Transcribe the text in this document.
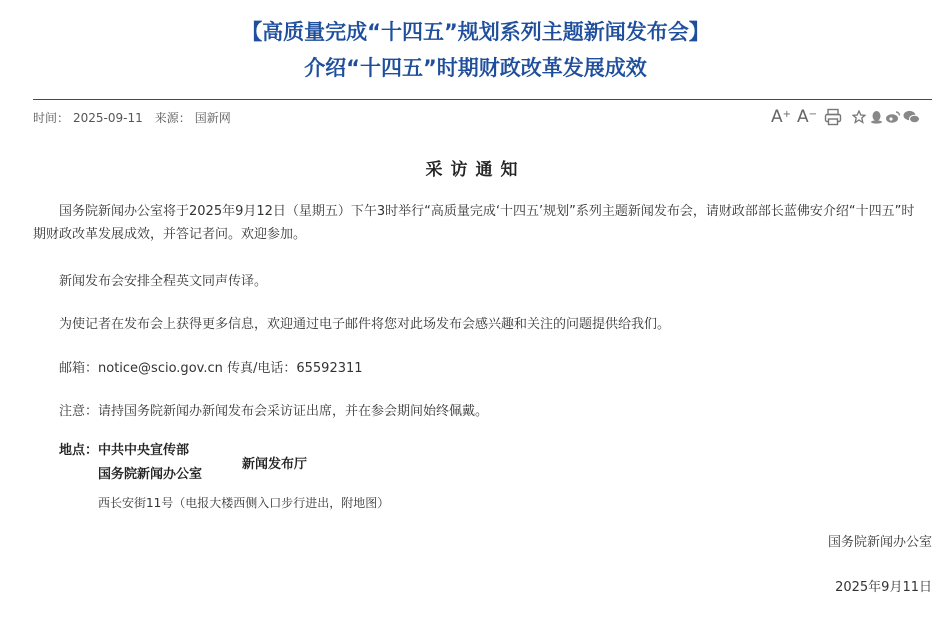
【高质量完成“十四五”规划系列主题新闻发布会】
介绍“十四五”时期财政改革发展成效
时间： 2025-09-11 来源： 国新网	A+ A−
采访通知
国务院新闻办公室将于2025年9月12日（星期五）下午3时举行“高质量完成‘十四五’规划”系列主题新闻发布会，请财政部部长蓝佛安介绍“十四五”时期财政改革发展成效，并答记者问。欢迎参加。
新闻发布会安排全程英文同声传译。
为使记者在发布会上获得更多信息，欢迎通过电子邮件将您对此场发布会感兴趣和关注的问题提供给我们。
邮箱：notice@scio.gov.cn 传真/电话：65592311
注意：请持国务院新闻办新闻发布会采访证出席，并在参会期间始终佩戴。
地点： 中共中央宣传部
国务院新闻办公室
新闻发布厅
西长安街11号（电报大楼西侧入口步行进出，附地图）
国务院新闻办公室
2025年9月11日
